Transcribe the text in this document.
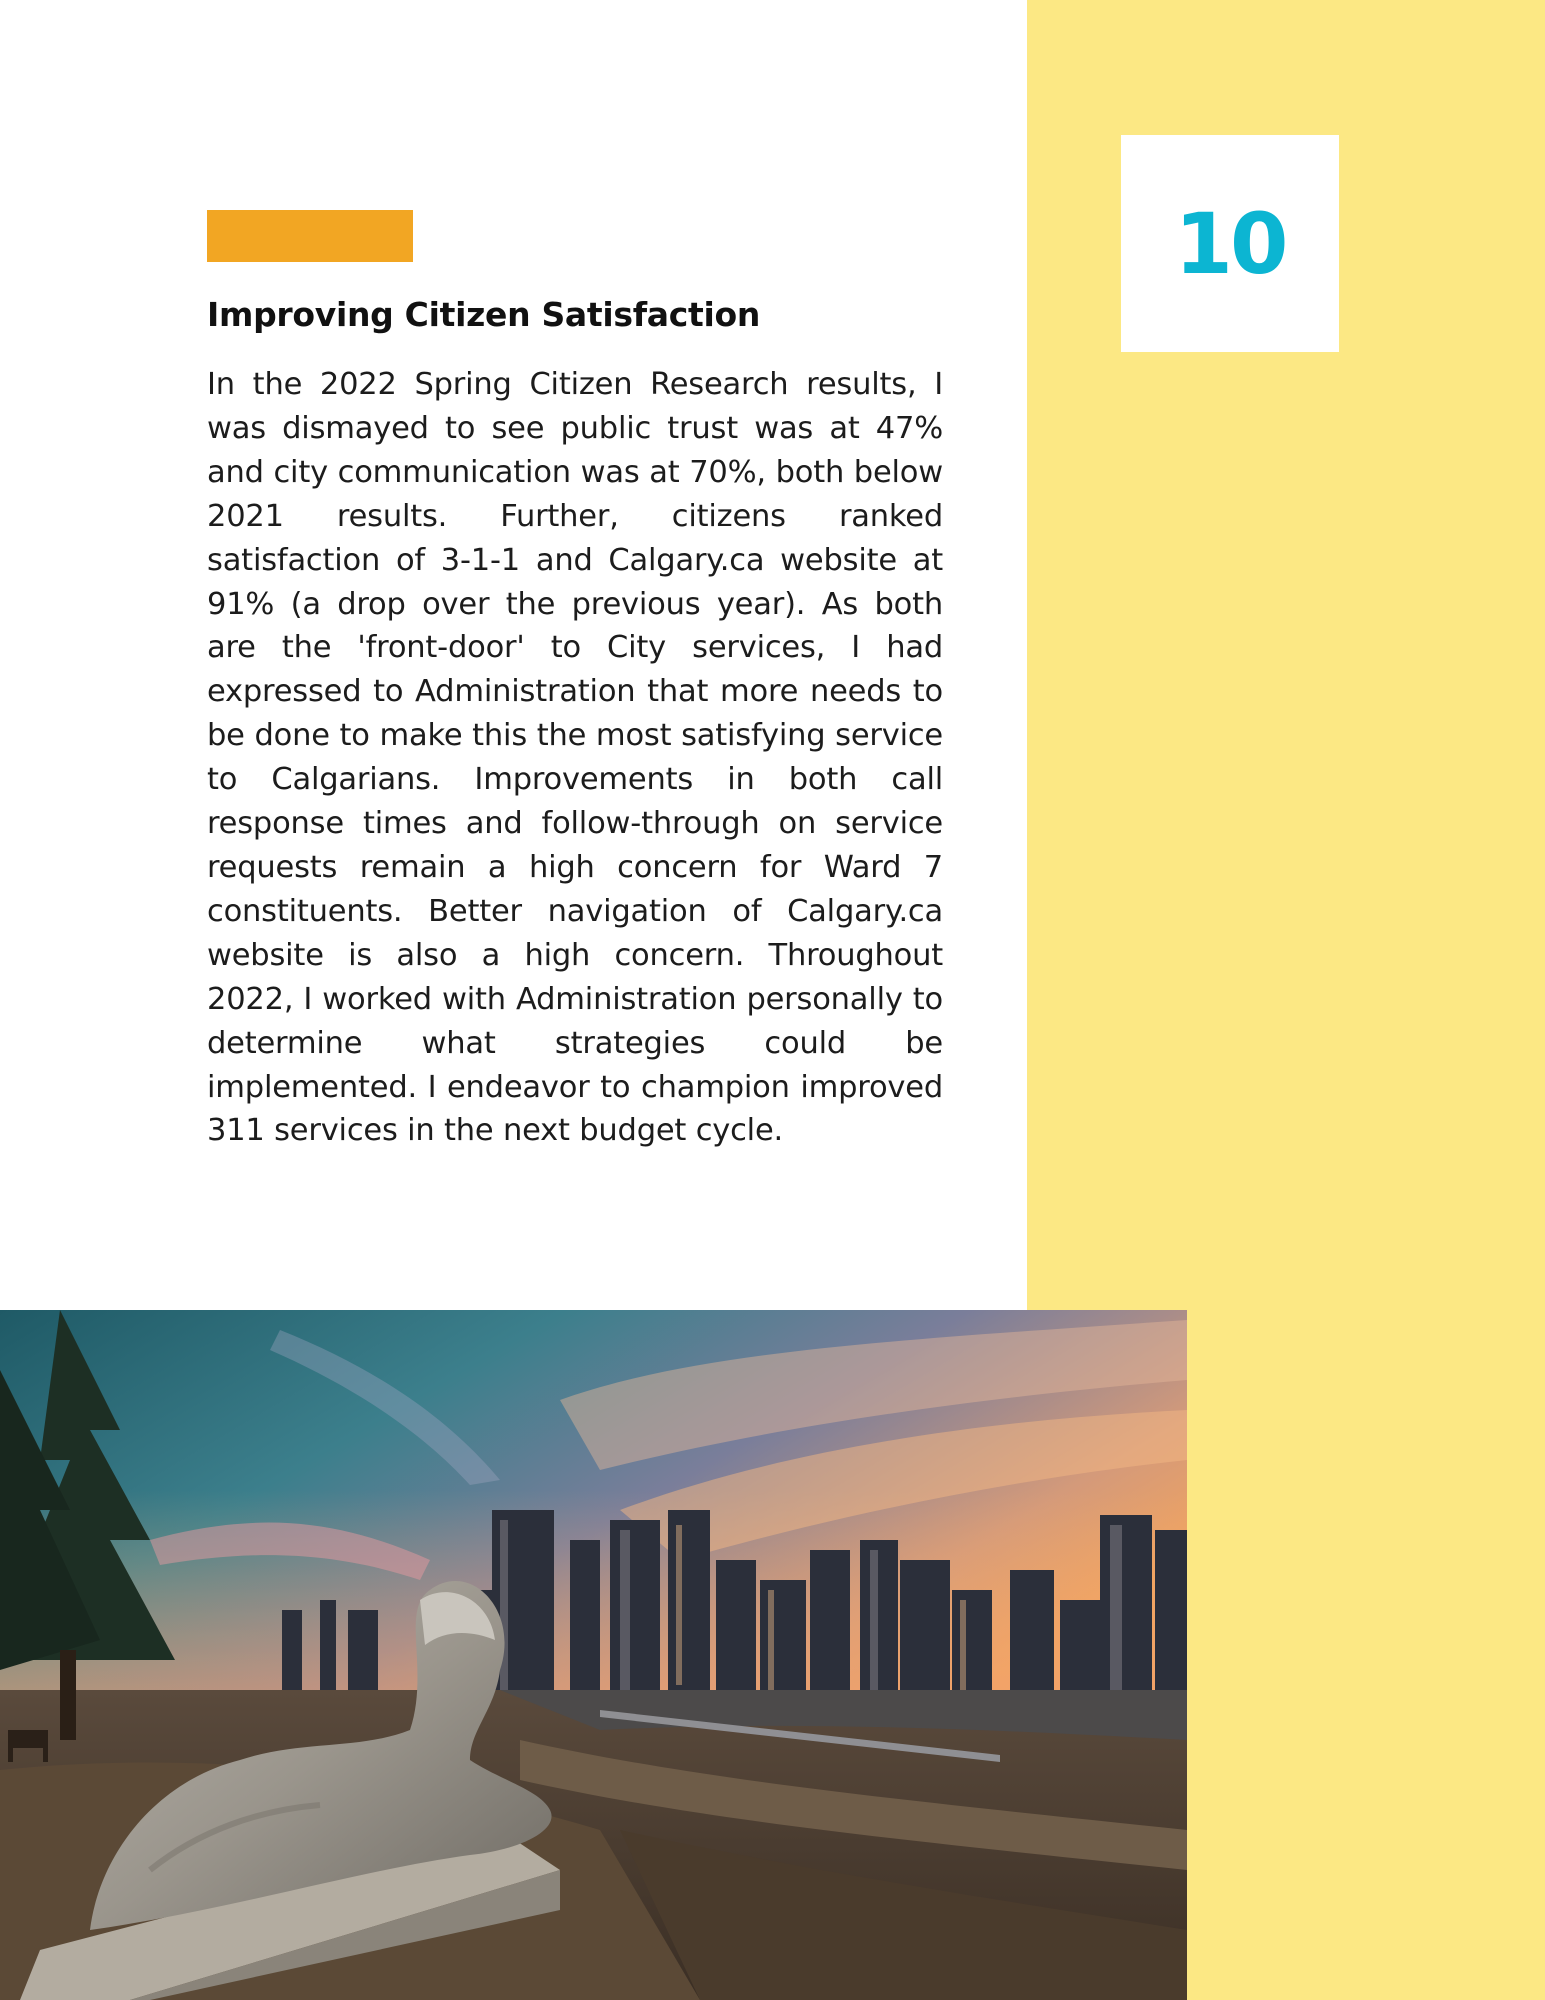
10
Improving Citizen Satisfaction

In the 2022 Spring Citizen Research results, I was dismayed to see public trust was at 47% and city communication was at 70%, both below 2021 results. Further, citizens ranked satisfaction of 3-1-1 and Calgary.ca website at 91% (a drop over the previous year). As both are the 'front-door' to City services, I had expressed to Administration that more needs to be done to make this the most satisfying service to Calgarians. Improvements in both call response times and follow-through on service requests remain a high concern for Ward 7 constituents. Better navigation of Calgary.ca website is also a high concern. Throughout 2022, I worked with Administration personally to determine what strategies could be implemented. I endeavor to champion improved 311 services in the next budget cycle.
